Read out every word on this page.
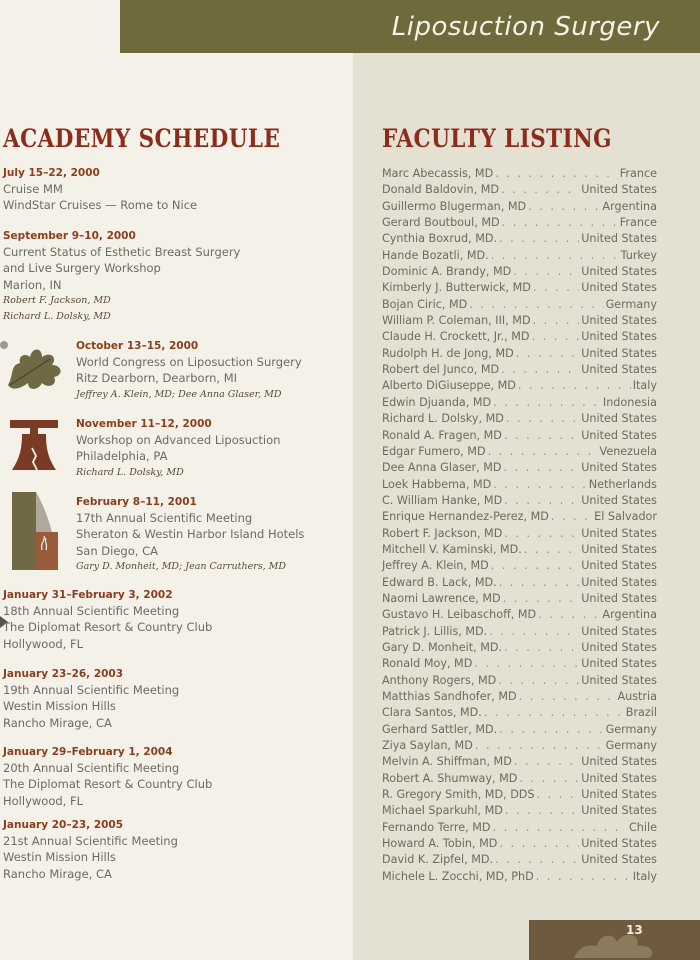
Liposuction Surgery
ACADEMY SCHEDULE	FACULTY LISTING
July 15–22, 2000
Cruise MM
WindStar Cruises — Rome to Nice
September 9–10, 2000
Current Status of Esthetic Breast Surgery
and Live Surgery Workshop
Marion, IN
Robert F. Jackson, MD
Richard L. Dolsky, MD
October 13–15, 2000
World Congress on Liposuction Surgery
Ritz Dearborn, Dearborn, MI
Jeffrey A. Klein, MD; Dee Anna Glaser, MD
November 11–12, 2000
Workshop on Advanced Liposuction
Philadelphia, PA
Richard L. Dolsky, MD
February 8–11, 2001
17th Annual Scientific Meeting
Sheraton & Westin Harbor Island Hotels
San Diego, CA
Gary D. Monheit, MD; Jean Carruthers, MD
January 31–February 3, 2002
18th Annual Scientific Meeting
The Diplomat Resort & Country Club
Hollywood, FL
January 23–26, 2003
19th Annual Scientific Meeting
Westin Mission Hills
Rancho Mirage, CA
January 29–February 1, 2004
20th Annual Scientific Meeting
The Diplomat Resort & Country Club
Hollywood, FL
January 20–23, 2005
21st Annual Scientific Meeting
Westin Mission Hills
Rancho Mirage, CA
Marc Abecassis, MD . . .	France
Donald Baldovin, MD . . .	United States
Guillermo Blugerman, MD . . .	Argentina
Gerard Boutboul, MD . . .	France
Cynthia Boxrud, MD. . . .	United States
Hande Bozatli, MD. . . .	Turkey
Dominic A. Brandy, MD . . .	United States
Kimberly J. Butterwick, MD . . .	United States
Bojan Ciric, MD . . .	Germany
William P. Coleman, III, MD . . .	United States
Claude H. Crockett, Jr., MD . . .	United States
Rudolph H. de Jong, MD . . .	United States
Robert del Junco, MD . . .	United States
Alberto DiGiuseppe, MD . . .	Italy
Edwin Djuanda, MD . . .	Indonesia
Richard L. Dolsky, MD . . .	United States
Ronald A. Fragen, MD . . .	United States
Edgar Fumero, MD . . .	Venezuela
Dee Anna Glaser, MD . . .	United States
Loek Habbema, MD . . .	Netherlands
C. William Hanke, MD . . .	United States
Enrique Hernandez-Perez, MD . . .	El Salvador
Robert F. Jackson, MD . . .	United States
Mitchell V. Kaminski, MD. . . .	United States
Jeffrey A. Klein, MD . . .	United States
Edward B. Lack, MD. . . .	United States
Naomi Lawrence, MD . . .	United States
Gustavo H. Leibaschoff, MD . . .	Argentina
Patrick J. Lillis, MD. . . .	United States
Gary D. Monheit, MD. . . .	United States
Ronald Moy, MD . . .	United States
Anthony Rogers, MD . . .	United States
Matthias Sandhofer, MD . . .	Austria
Clara Santos, MD. . . .	Brazil
Gerhard Sattler, MD. . . .	Germany
Ziya Saylan, MD . . .	Germany
Melvin A. Shiffman, MD . . .	United States
Robert A. Shumway, MD . . .	United States
R. Gregory Smith, MD, DDS . . .	United States
Michael Sparkuhl, MD . . .	United States
Fernando Terre, MD . . .	Chile
Howard A. Tobin, MD . . .	United States
David K. Zipfel, MD. . . .	United States
Michele L. Zocchi, MD, PhD . . .	Italy
13
